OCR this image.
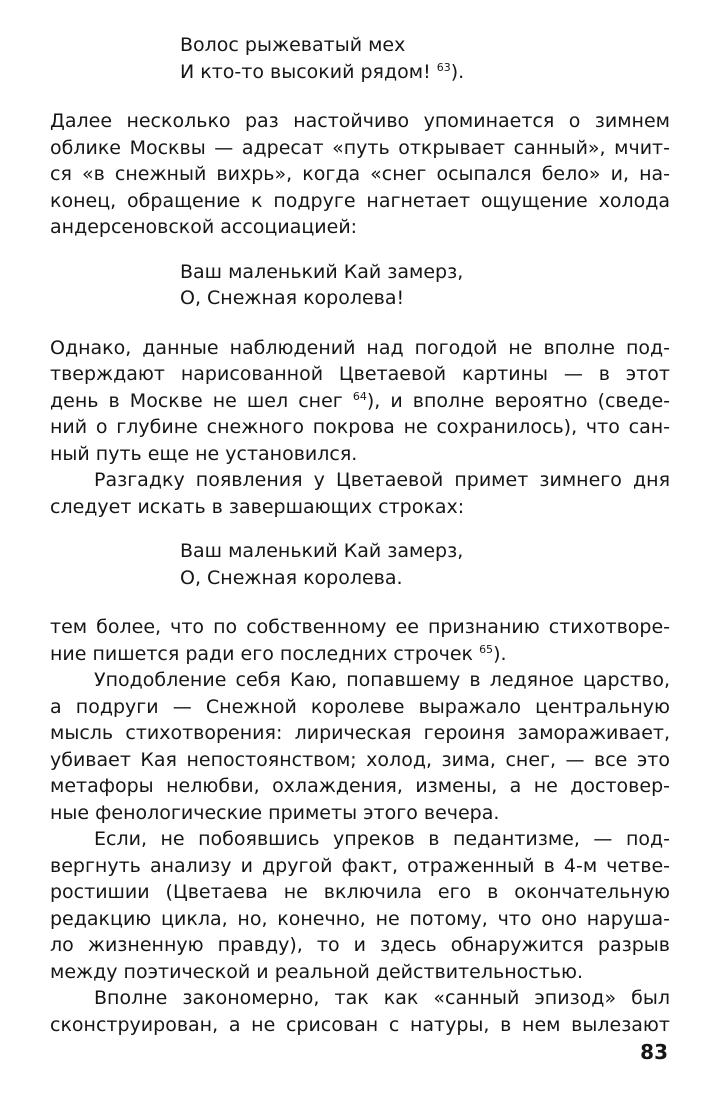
Волос рыжеватый мех
И кто-то высокий рядом! $^{63}$).
Далее несколько раз настойчиво упоминается о зимнем
облике Москвы — адресат «путь открывает санный», мчит-
ся «в снежный вихрь», когда «снег осыпался бело» и, на-
конец, обращение к подруге нагнетает ощущение холода
андерсеновской ассоциацией:
Ваш маленький Кай замерз,
О, Снежная королева!
Однако, данные наблюдений над погодой не вполне под-
тверждают нарисованной Цветаевой картины — в этот
день в Москве не шел снег $^{64}$), и вполне вероятно (сведе-
ний о глубине снежного покрова не сохранилось), что сан-
ный путь еще не установился.
Разгадку появления у Цветаевой примет зимнего дня
следует искать в завершающих строках:
Ваш маленький Кай замерз,
О, Снежная королева.
тем более, что по собственному ее признанию стихотворе-
ние пишется ради его последних строчек $^{65}$).
Уподобление себя Каю, попавшему в ледяное царство,
а подруги — Снежной королеве выражало центральную
мысль стихотворения: лирическая героиня замораживает,
убивает Кая непостоянством; холод, зима, снег, — все это
метафоры нелюбви, охлаждения, измены, а не достовер-
ные фенологические приметы этого вечера.
Если, не побоявшись упреков в педантизме, — под-
вергнуть анализу и другой факт, отраженный в 4-м четве-
ростишии (Цветаева не включила его в окончательную
редакцию цикла, но, конечно, не потому, что оно наруша-
ло жизненную правду), то и здесь обнаружится разрыв
между поэтической и реальной действительностью.
Вполне закономерно, так как «санный эпизод» был
сконструирован, а не срисован с натуры, в нем вылезают
83
